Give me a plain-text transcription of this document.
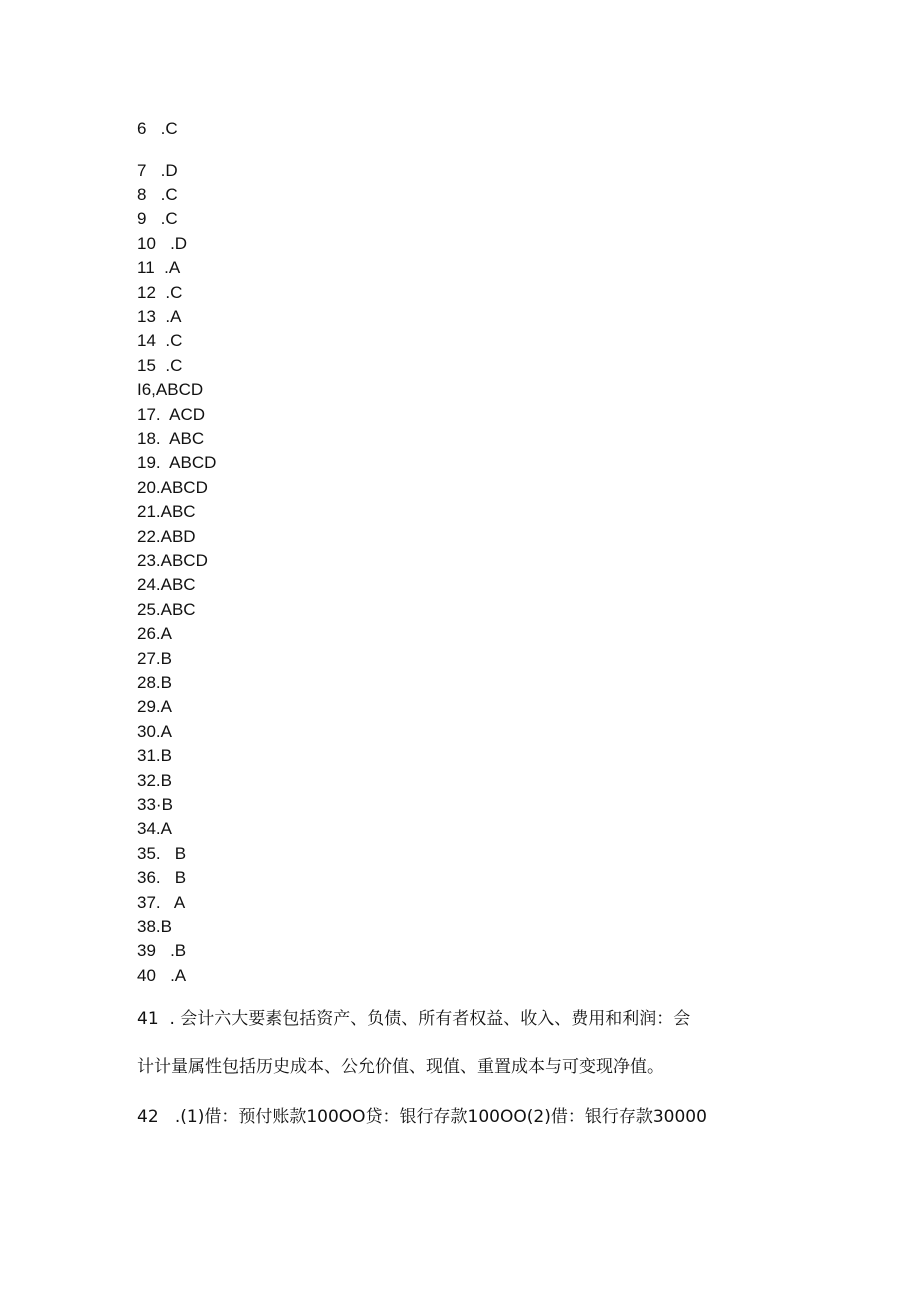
6   .C
7   .D
8   .C
9   .C
10   .D
11  .A
12  .C
13  .A
14  .C
15  .C
I6,ABCD
17.  ACD
18.  ABC
19.  ABCD
20.ABCD
21.ABC
22.ABD
23.ABCD
24.ABC
25.ABC
26.A
27.B
28.B
29.A
30.A
31.B
32.B
33·B
34.A
35.   B
36.   B
37.   A
38.B
39   .B
40   .A
41  . 会计六大要素包括资产、负债、所有者权益、收入、费用和利润：会
计计量属性包括历史成本、公允价值、现值、重置成本与可变现净值。
42   .(1)借：预付账款100OO贷：银行存款100OO(2)借：银行存款30000
